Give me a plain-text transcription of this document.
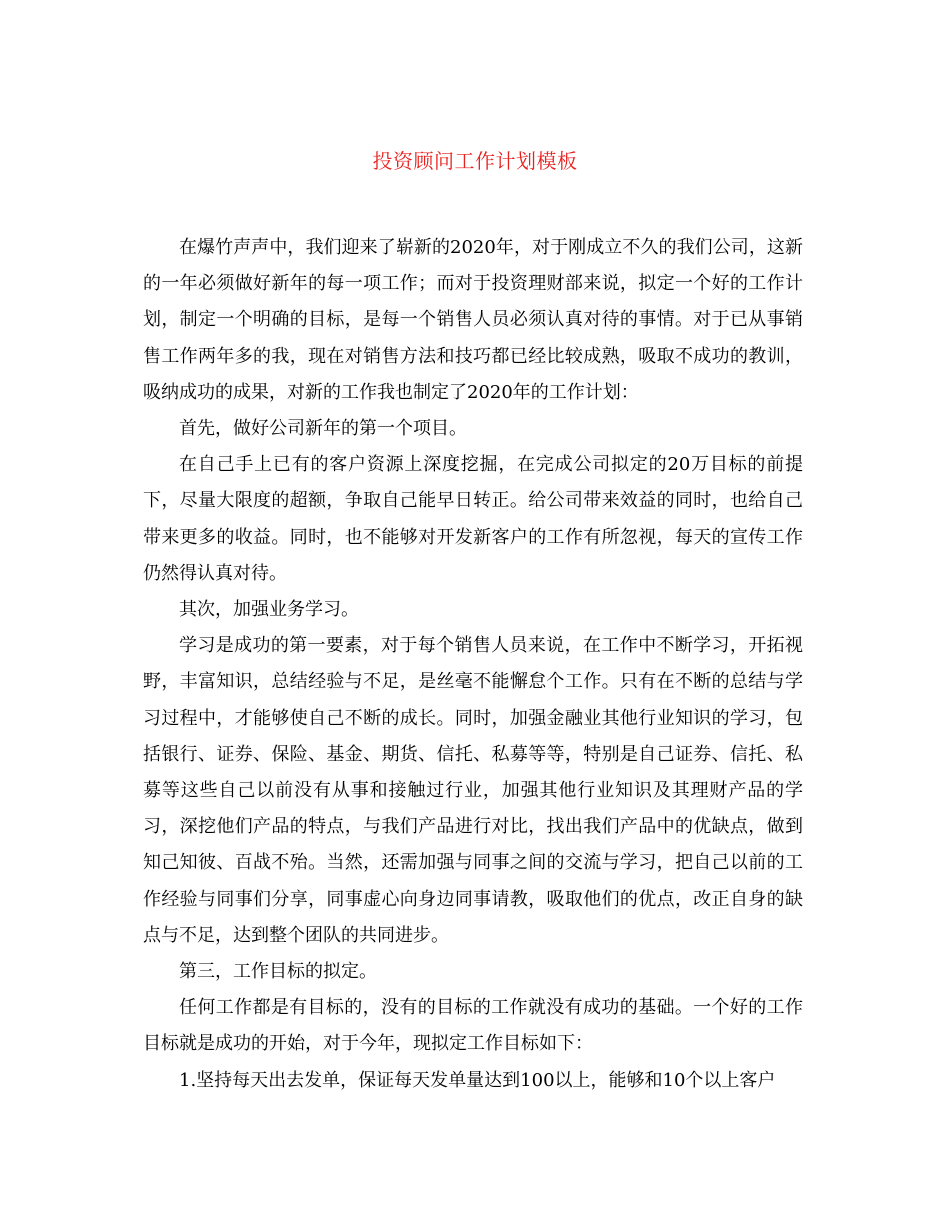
投资顾问工作计划模板

在爆竹声声中，我们迎来了崭新的2020年，对于刚成立不久的我们公司，这新的一年必须做好新年的每一项工作；而对于投资理财部来说，拟定一个好的工作计划，制定一个明确的目标，是每一个销售人员必须认真对待的事情。对于已从事销售工作两年多的我，现在对销售方法和技巧都已经比较成熟，吸取不成功的教训，吸纳成功的成果，对新的工作我也制定了2020年的工作计划：

首先，做好公司新年的第一个项目。

在自己手上已有的客户资源上深度挖掘，在完成公司拟定的20万目标的前提下，尽量大限度的超额，争取自己能早日转正。给公司带来效益的同时，也给自己带来更多的收益。同时，也不能够对开发新客户的工作有所忽视，每天的宣传工作仍然得认真对待。

其次，加强业务学习。

学习是成功的第一要素，对于每个销售人员来说，在工作中不断学习，开拓视野，丰富知识，总结经验与不足，是丝毫不能懈怠个工作。只有在不断的总结与学习过程中，才能够使自己不断的成长。同时，加强金融业其他行业知识的学习，包括银行、证券、保险、基金、期货、信托、私募等等，特别是自己证券、信托、私募等这些自己以前没有从事和接触过行业，加强其他行业知识及其理财产品的学习，深挖他们产品的特点，与我们产品进行对比，找出我们产品中的优缺点，做到知己知彼、百战不殆。当然，还需加强与同事之间的交流与学习，把自己以前的工作经验与同事们分享，同事虚心向身边同事请教，吸取他们的优点，改正自身的缺点与不足，达到整个团队的共同进步。

第三，工作目标的拟定。

任何工作都是有目标的，没有的目标的工作就没有成功的基础。一个好的工作目标就是成功的开始，对于今年，现拟定工作目标如下：

1.坚持每天出去发单，保证每天发单量达到100以上，能够和10个以上客户
